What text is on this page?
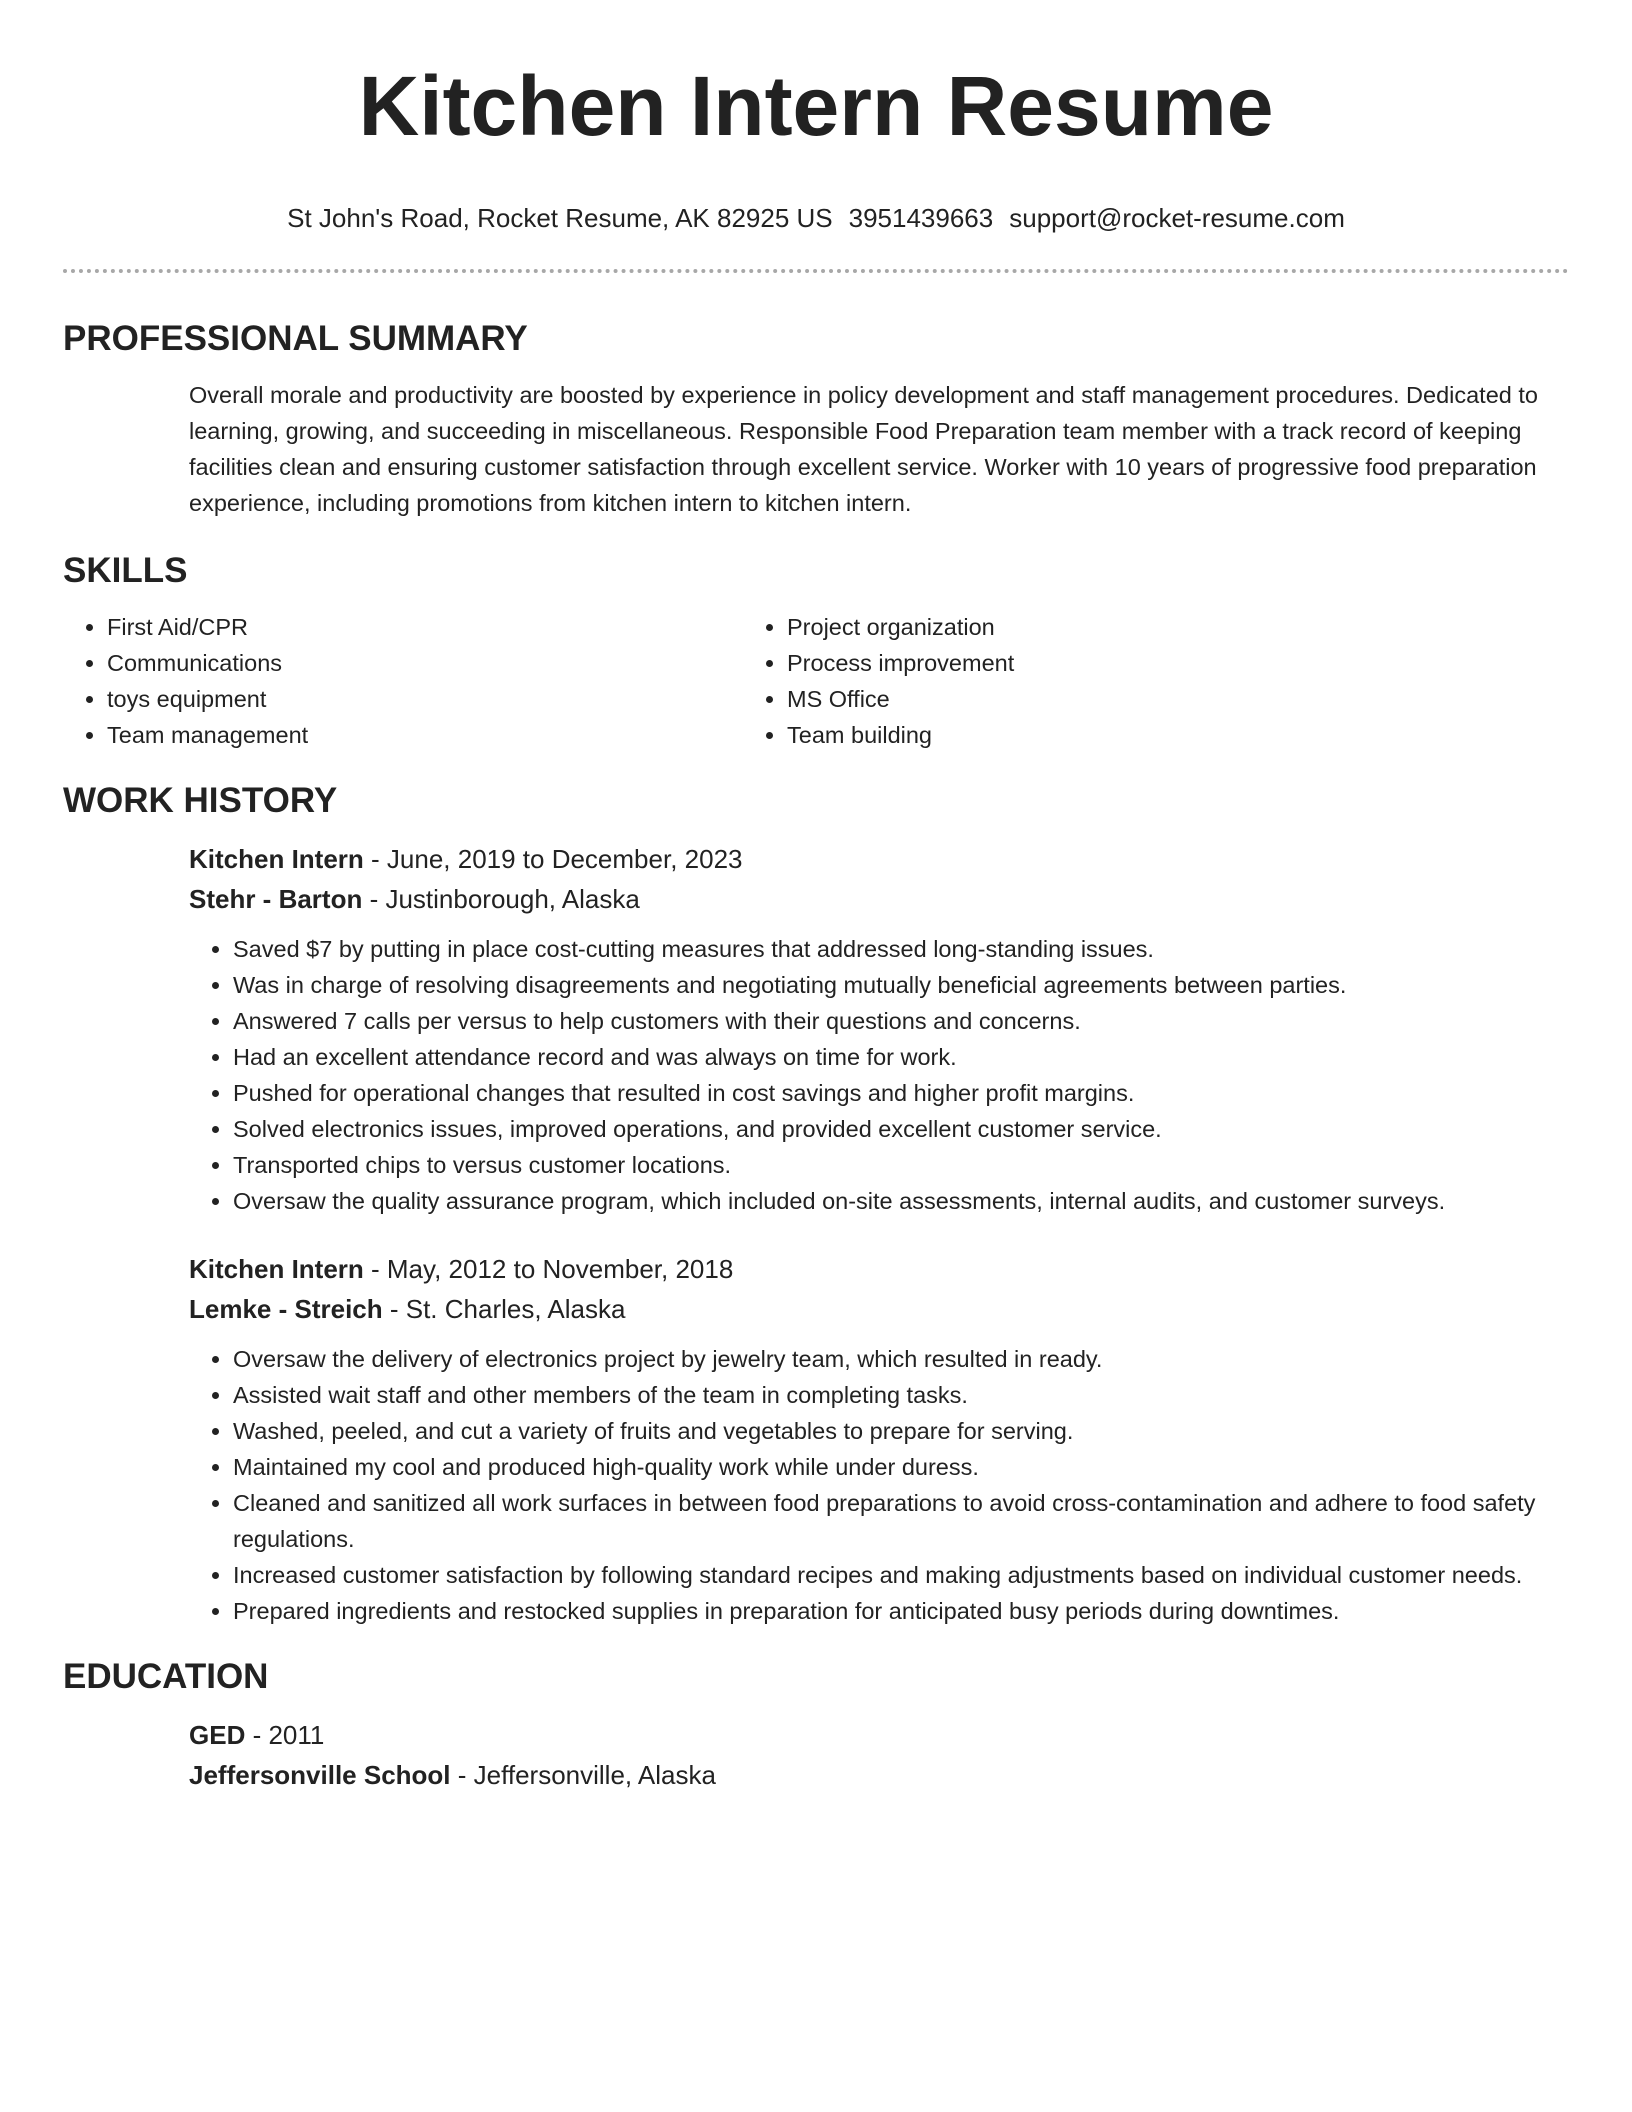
Kitchen Intern Resume
St John's Road, Rocket Resume, AK 82925 US 3951439663 support@rocket-resume.com
PROFESSIONAL SUMMARY

Overall morale and productivity are boosted by experience in policy development and staff management procedures. Dedicated to learning, growing, and succeeding in miscellaneous. Responsible Food Preparation team member with a track record of keeping facilities clean and ensuring customer satisfaction through excellent service. Worker with 10 years of progressive food preparation experience, including promotions from kitchen intern to kitchen intern.

SKILLS
• First Aid/CPR
• Communications
• toys equipment
• Team management
• Project organization
• Process improvement
• MS Office
• Team building
WORK HISTORY
Kitchen Intern - June, 2019 to December, 2023
Stehr - Barton - Justinborough, Alaska
• Saved $7 by putting in place cost-cutting measures that addressed long-standing issues.
• Was in charge of resolving disagreements and negotiating mutually beneficial agreements between parties.
• Answered 7 calls per versus to help customers with their questions and concerns.
• Had an excellent attendance record and was always on time for work.
• Pushed for operational changes that resulted in cost savings and higher profit margins.
• Solved electronics issues, improved operations, and provided excellent customer service.
• Transported chips to versus customer locations.
• Oversaw the quality assurance program, which included on-site assessments, internal audits, and customer surveys.
Kitchen Intern - May, 2012 to November, 2018
Lemke - Streich - St. Charles, Alaska
• Oversaw the delivery of electronics project by jewelry team, which resulted in ready.
• Assisted wait staff and other members of the team in completing tasks.
• Washed, peeled, and cut a variety of fruits and vegetables to prepare for serving.
• Maintained my cool and produced high-quality work while under duress.
• Cleaned and sanitized all work surfaces in between food preparations to avoid cross-contamination and adhere to food safety regulations.
• Increased customer satisfaction by following standard recipes and making adjustments based on individual customer needs.
• Prepared ingredients and restocked supplies in preparation for anticipated busy periods during downtimes.
EDUCATION
GED - 2011
Jeffersonville School - Jeffersonville, Alaska
